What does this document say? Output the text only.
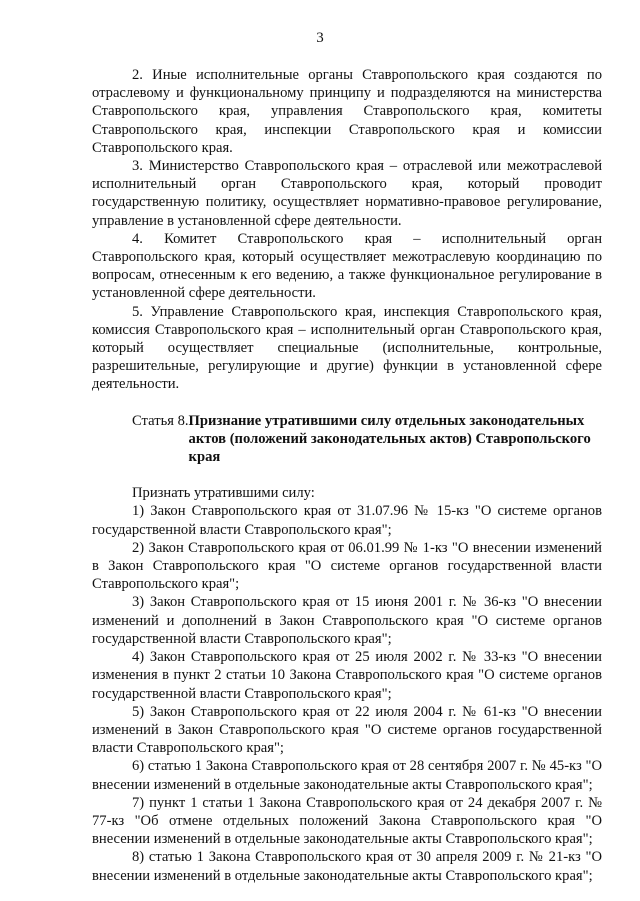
3

2. Иные исполнительные органы Ставропольского края создаются по отраслевому и функциональному принципу и подразделяются на министерства Ставропольского края, управления Ставропольского края, комитеты Ставропольского края, инспекции Ставропольского края и комиссии Ставропольского края.

3. Министерство Ставропольского края – отраслевой или межотраслевой исполнительный орган Ставропольского края, который проводит государственную политику, осуществляет нормативно-правовое регулирование, управление в установленной сфере деятельности.

4. Комитет Ставропольского края – исполнительный орган Ставропольского края, который осуществляет межотраслевую координацию по вопросам, отнесенным к его ведению, а также функциональное регулирование в установленной сфере деятельности.

5. Управление Ставропольского края, инспекция Ставропольского края, комиссия Ставропольского края – исполнительный орган Ставропольского края, который осуществляет специальные (исполнительные, контрольные, разрешительные, регулирующие и другие) функции в установленной сфере деятельности.

Статья 8. Признание утратившими силу отдельных законодательных актов (положений законодательных актов) Ставропольского края

Признать утратившими силу:

1) Закон Ставропольского края от 31.07.96 № 15-кз "О системе органов государственной власти Ставропольского края";

2) Закон Ставропольского края от 06.01.99 № 1-кз "О внесении изменений в Закон Ставропольского края "О системе органов государственной власти Ставропольского края";

3) Закон Ставропольского края от 15 июня 2001 г. № 36-кз "О внесении изменений и дополнений в Закон Ставропольского края "О системе органов государственной власти Ставропольского края";

4) Закон Ставропольского края от 25 июля 2002 г. № 33-кз "О внесении изменения в пункт 2 статьи 10 Закона Ставропольского края "О системе органов государственной власти Ставропольского края";

5) Закон Ставропольского края от 22 июля 2004 г. № 61-кз "О внесении изменений в Закон Ставропольского края "О системе органов государственной власти Ставропольского края";

6) статью 1 Закона Ставропольского края от 28 сентября 2007 г. № 45-кз "О внесении изменений в отдельные законодательные акты Ставропольского края";

7) пункт 1 статьи 1 Закона Ставропольского края от 24 декабря 2007 г. № 77-кз "Об отмене отдельных положений Закона Ставропольского края "О внесении изменений в отдельные законодательные акты Ставропольского края";

8) статью 1 Закона Ставропольского края от 30 апреля 2009 г. № 21-кз "О внесении изменений в отдельные законодательные акты Ставропольского края";
